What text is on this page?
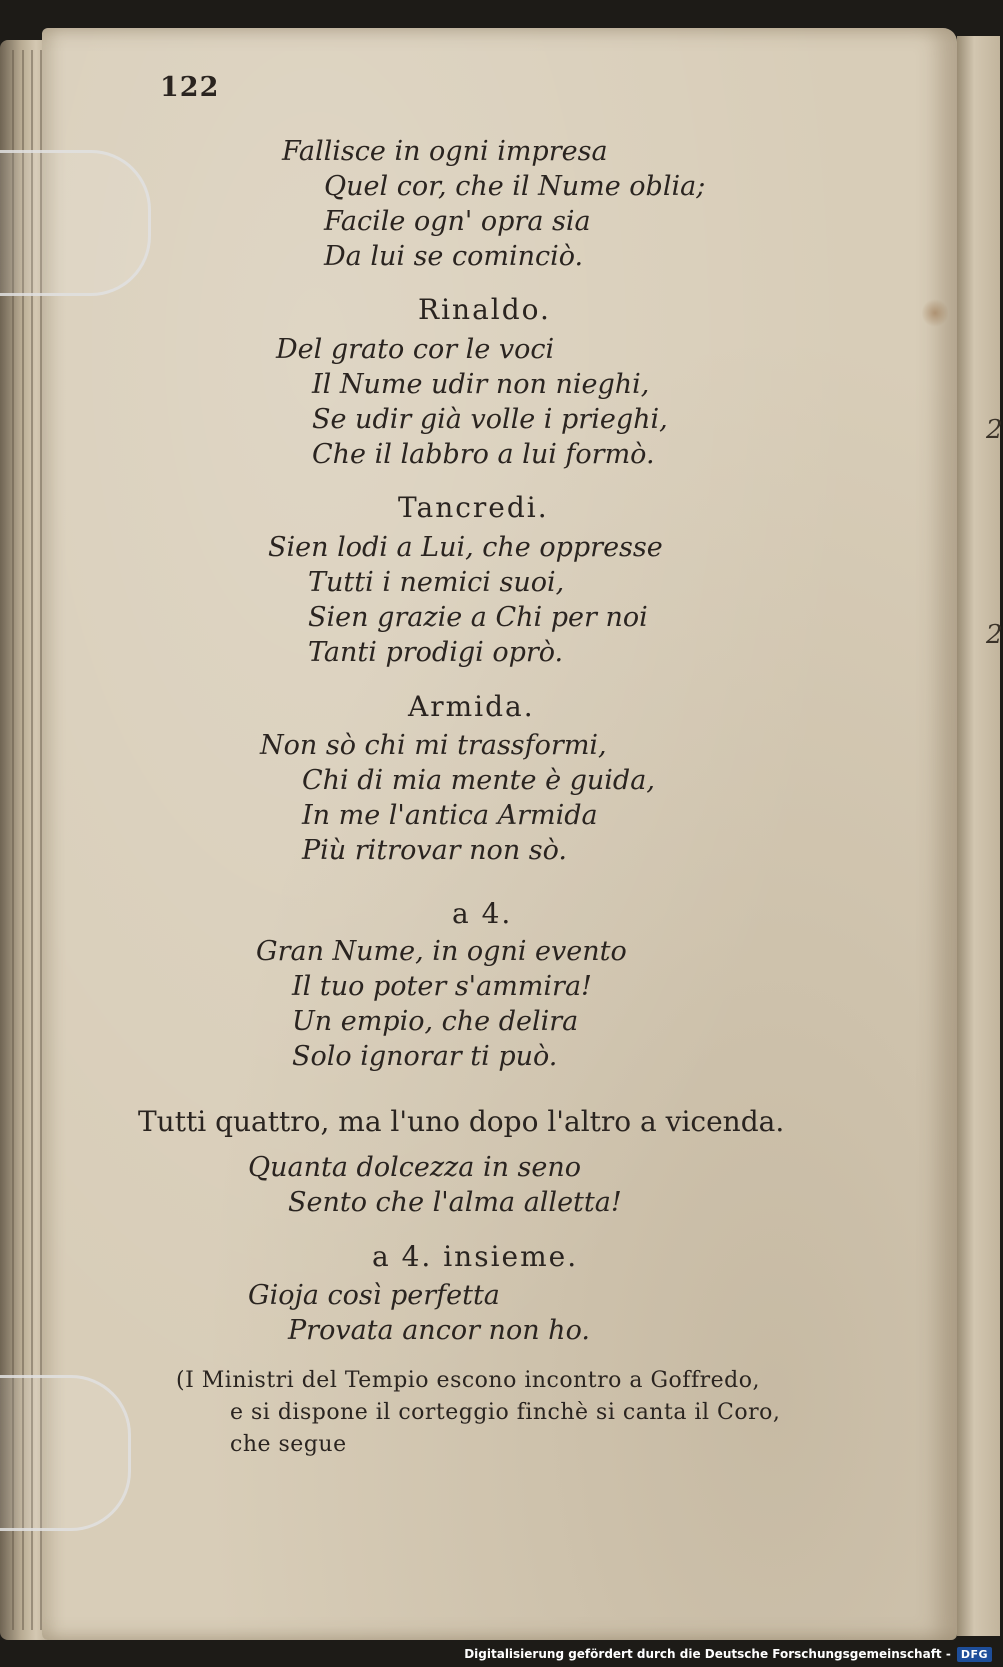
2
2
122
Fallisce in ogni impresa
Quel cor, che il Nume oblia;
Facile ogn' opra sia
Da lui se cominciò.
Rinaldo.
Del grato cor le voci
Il Nume udir non nieghi,
Se udir già volle i prieghi,
Che il labbro a lui formò.
Tancredi.
Sien lodi a Lui, che oppresse
Tutti i nemici suoi,
Sien grazie a Chi per noi
Tanti prodigi oprò.
Armida.
Non sò chi mi trassformi,
Chi di mia mente è guida,
In me l'antica Armida
Più ritrovar non sò.
a 4.
Gran Nume, in ogni evento
Il tuo poter s'ammira!
Un empio, che delira
Solo ignorar ti può.
Tutti quattro, ma l'uno dopo l'altro a vicenda.
Quanta dolcezza in seno
Sento che l'alma alletta!
a 4. insieme.
Gioja così perfetta
Provata ancor non ho.
(I Ministri del Tempio escono incontro a Goffredo,
e si dispone il corteggio finchè si canta il Coro,
che segue
Digitalisierung gefördert durch die Deutsche Forschungsgemeinschaft - DFG
